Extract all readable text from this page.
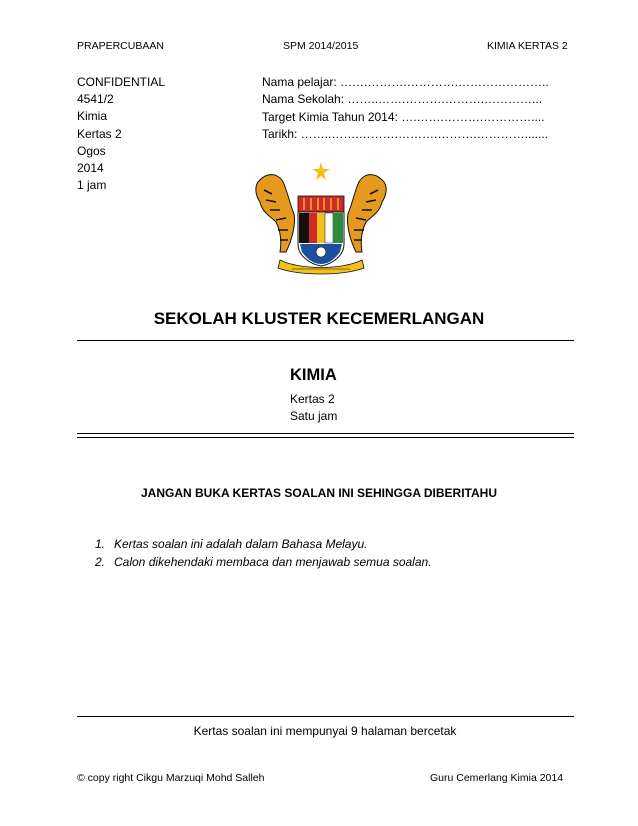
PRAPERCUBAAN	SPM 2014/2015	KIMIA KERTAS 2
CONFIDENTIAL
4541/2
Kimia
Kertas 2
Ogos
2014
1 jam
Nama pelajar: …….……….………….…………………..
Nama Sekolah: ……..…….……….……….…………...
Target Kimia Tahun 2014: ….…….……….…………....
Tarikh: ……..…….……….……….……….………….......
SEKOLAH KLUSTER KECEMERLANGAN
KIMIA
Kertas 2
Satu jam
JANGAN BUKA KERTAS SOALAN INI SEHINGGA DIBERITAHU
1. Kertas soalan ini adalah dalam Bahasa Melayu.
2. Calon dikehendaki membaca dan menjawab semua soalan.
Kertas soalan ini mempunyai 9 halaman bercetak
© copy right Cikgu Marzuqi Mohd Salleh	Guru Cemerlang Kimia 2014
